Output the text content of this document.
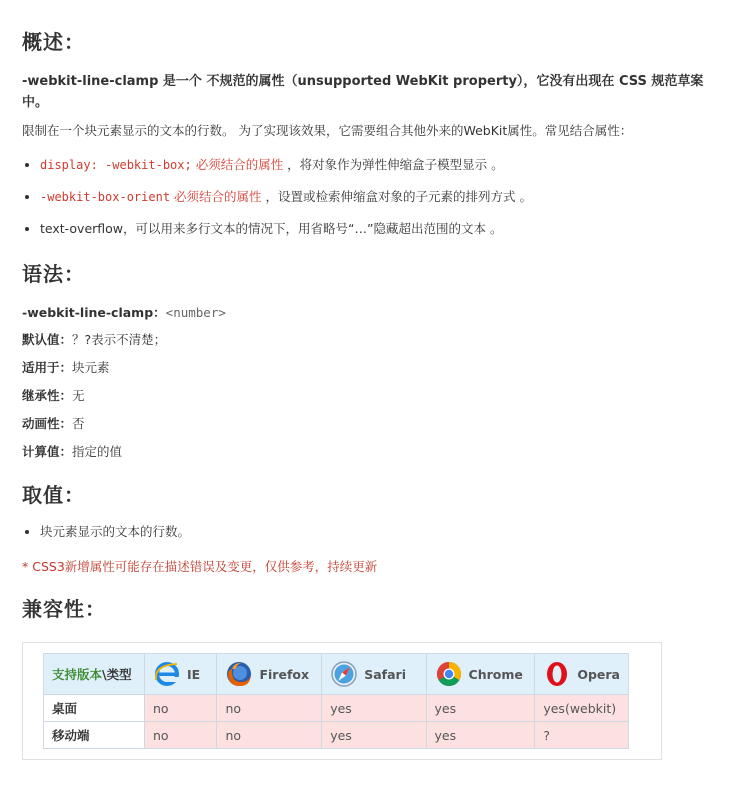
概述：

-webkit-line-clamp 是一个 不规范的属性（unsupported WebKit property），它没有出现在 CSS 规范草案中。

限制在一个块元素显示的文本的行数。 为了实现该效果，它需要组合其他外来的WebKit属性。常见结合属性：

• display: -webkit-box; 必须结合的属性 ，将对象作为弹性伸缩盒子模型显示 。
• -webkit-box-orient 必须结合的属性 ，设置或检索伸缩盒对象的子元素的排列方式 。
• text-overflow，可以用来多行文本的情况下，用省略号“…”隐藏超出范围的文本 。
语法：

-webkit-line-clamp：<number>

默认值：？?表示不清楚；

适用于：块元素

继承性：无

动画性：否

计算值：指定的值

取值：
• 块元素显示的文本的行数。

* CSS3新增属性可能存在描述错误及变更，仅供参考，持续更新

兼容性：
支持版本\类型	IE	Firefox	Safari	Chrome	Opera

桌面	no	no	yes	yes	yes(webkit)
移动端	no	no	yes	yes	?
